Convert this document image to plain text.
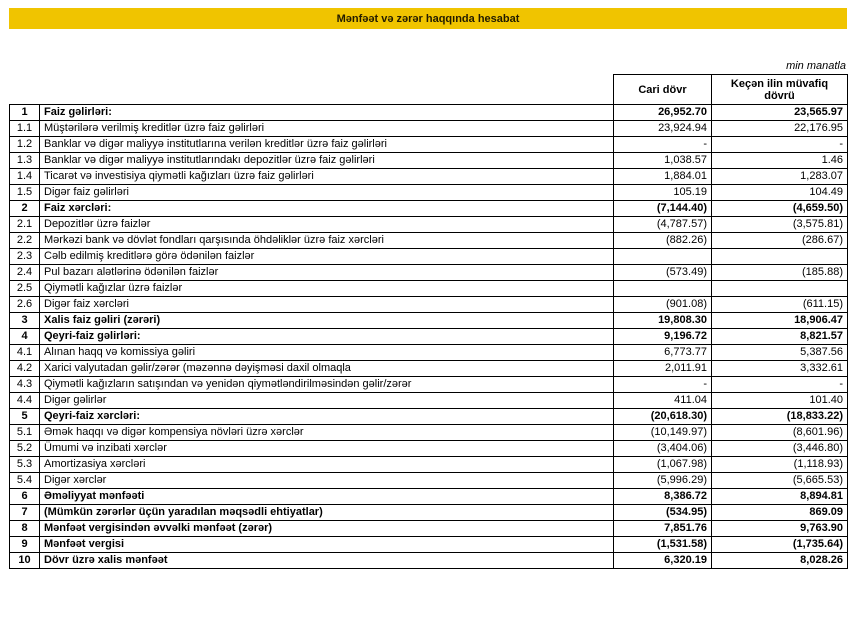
Mənfəət və zərər haqqında hesabat
min manatla
		Cari dövr	Keçən ilin müvafiq dövrü
1	Faiz gəlirləri:	26,952.70	23,565.97
1.1	Müştərilərə verilmiş kreditlər üzrə faiz gəlirləri	23,924.94	22,176.95
1.2	Banklar və digər maliyyə institutlarına verilən kreditlər üzrə faiz gəlirləri	-	-
1.3	Banklar və digər maliyyə institutlarındakı depozitlər üzrə faiz gəlirləri	1,038.57	1.46
1.4	Ticarət və investisiya qiymətli kağızları üzrə faiz gəlirləri	1,884.01	1,283.07
1.5	Digər faiz gəlirləri	105.19	104.49
2	Faiz xərcləri:	(7,144.40)	(4,659.50)
2.1	Depozitlər üzrə faizlər	(4,787.57)	(3,575.81)
2.2	Mərkəzi bank və dövlət fondları qarşısında öhdəliklər üzrə faiz xərcləri	(882.26)	(286.67)
2.3	Cəlb edilmiş kreditlərə görə ödənilən faizlər		
2.4	Pul bazarı alətlərinə ödənilən faizlər	(573.49)	(185.88)
2.5	Qiymətli kağızlar üzrə faizlər		
2.6	Digər faiz xərcləri	(901.08)	(611.15)
3	Xalis faiz gəliri (zərəri)	19,808.30	18,906.47
4	Qeyri-faiz gəlirləri:	9,196.72	8,821.57
4.1	Alınan haqq və komissiya gəliri	6,773.77	5,387.56
4.2	Xarici valyutadan gəlir/zərər (məzənnə dəyişməsi daxil olmaqla	2,011.91	3,332.61
4.3	Qiymətli kağızların satışından və yenidən qiymətləndirilməsindən gəlir/zərər	-	-
4.4	Digər gəlirlər	411.04	101.40
5	Qeyri-faiz xərcləri:	(20,618.30)	(18,833.22)
5.1	Əmək haqqı və digər kompensiya növləri üzrə xərclər	(10,149.97)	(8,601.96)
5.2	Ümumi və inzibati xərclər	(3,404.06)	(3,446.80)
5.3	Amortizasiya xərcləri	(1,067.98)	(1,118.93)
5.4	Digər xərclər	(5,996.29)	(5,665.53)
6	Əməliyyat mənfəəti	8,386.72	8,894.81
7	(Mümkün zərərlər üçün yaradılan məqsədli ehtiyatlar)	(534.95)	869.09
8	Mənfəət vergisindən əvvəlki mənfəət (zərər)	7,851.76	9,763.90
9	Mənfəət vergisi	(1,531.58)	(1,735.64)
10	Dövr üzrə xalis mənfəət	6,320.19	8,028.26
